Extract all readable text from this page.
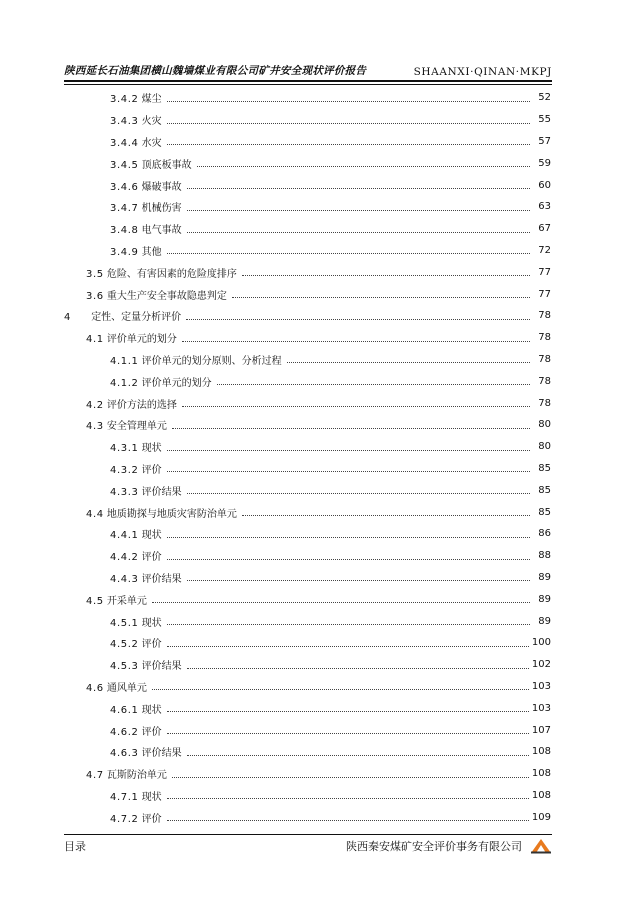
陕西延长石油集团横山魏墙煤业有限公司矿井安全现状评价报告	SHAANXI·QINAN·MKPJ
3.4.2 煤尘	52
3.4.3 火灾	55
3.4.4 水灾	57
3.4.5 顶底板事故	59
3.4.6 爆破事故	60
3.4.7 机械伤害	63
3.4.8 电气事故	67
3.4.9 其他	72
3.5 危险、有害因素的危险度排序	77
3.6 重大生产安全事故隐患判定	77
4 定性、定量分析评价	78
4.1 评价单元的划分	78
4.1.1 评价单元的划分原则、分析过程	78
4.1.2 评价单元的划分	78
4.2 评价方法的选择	78
4.3 安全管理单元	80
4.3.1 现状	80
4.3.2 评价	85
4.3.3 评价结果	85
4.4 地质勘探与地质灾害防治单元	85
4.4.1 现状	86
4.4.2 评价	88
4.4.3 评价结果	89
4.5 开采单元	89
4.5.1 现状	89
4.5.2 评价	100
4.5.3 评价结果	102
4.6 通风单元	103
4.6.1 现状	103
4.6.2 评价	107
4.6.3 评价结果	108
4.7 瓦斯防治单元	108
4.7.1 现状	108
4.7.2 评价	109
目录	陕西秦安煤矿安全评价事务有限公司
